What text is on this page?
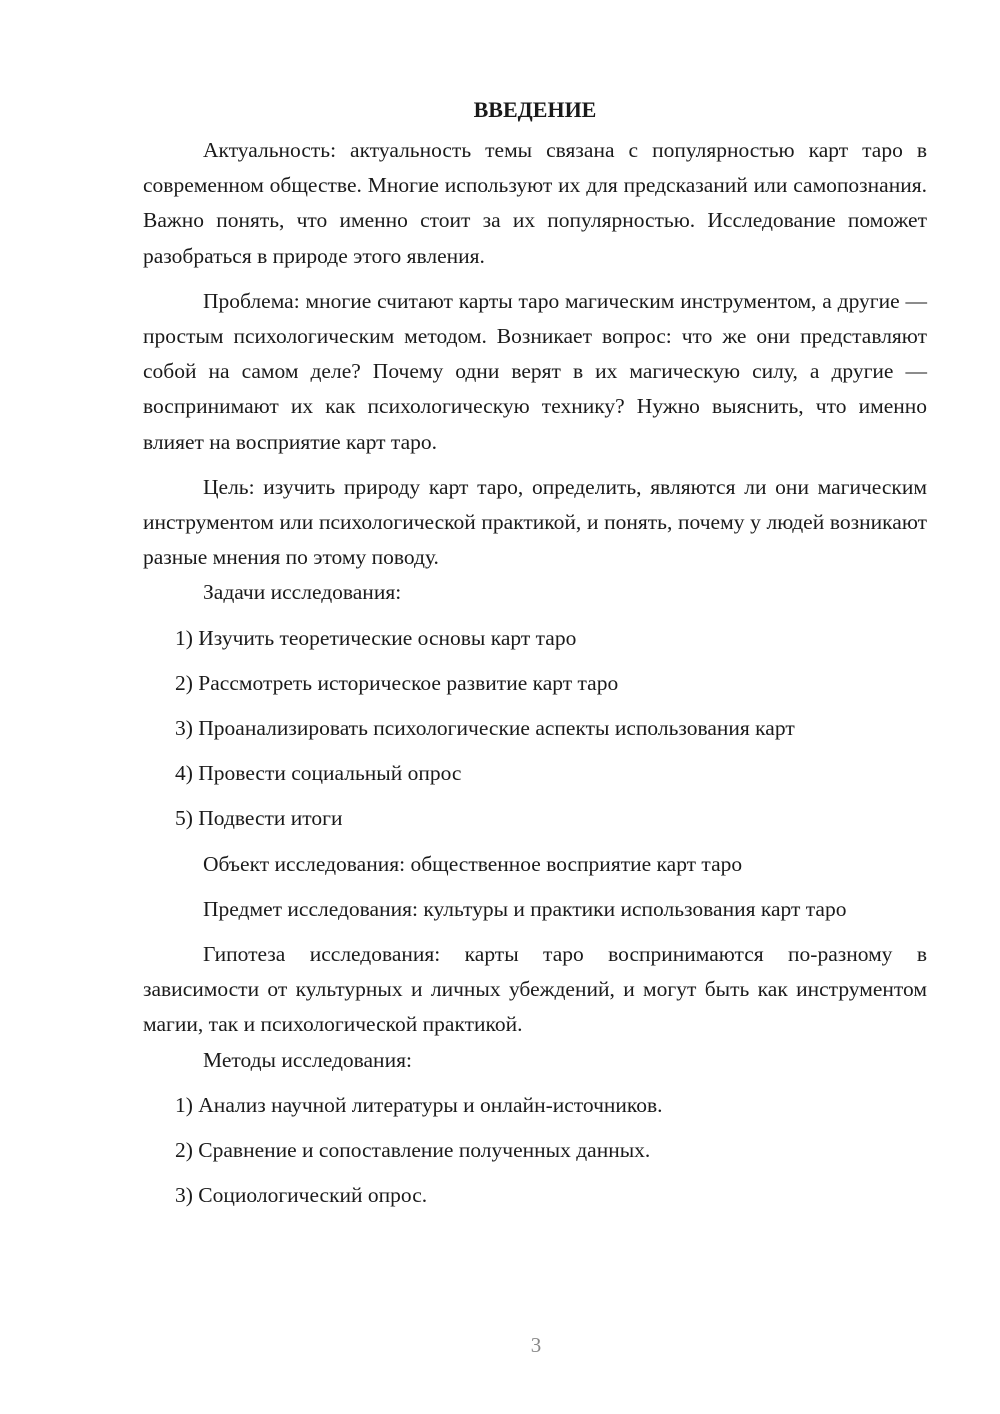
ВВЕДЕНИЕ

Актуальность: актуальность темы связана с популярностью карт таро в современном обществе. Многие используют их для предсказаний или самопознания. Важно понять, что именно стоит за их популярностью. Исследование поможет разобраться в природе этого явления.

Проблема: многие считают карты таро магическим инструментом, а другие — простым психологическим методом. Возникает вопрос: что же они представляют собой на самом деле? Почему одни верят в их магическую силу, а другие — воспринимают их как психологическую технику? Нужно выяснить, что именно влияет на восприятие карт таро.

Цель: изучить природу карт таро, определить, являются ли они магическим инструментом или психологической практикой, и понять, почему у людей возникают разные мнения по этому поводу.

Задачи исследования:

1) Изучить теоретические основы карт таро

2) Рассмотреть историческое развитие карт таро

3) Проанализировать психологические аспекты использования карт

4) Провести социальный опрос

5) Подвести итоги

Объект исследования: общественное восприятие карт таро

Предмет исследования: культуры и практики использования карт таро

Гипотеза исследования: карты таро воспринимаются по-разному в зависимости от культурных и личных убеждений, и могут быть как инструментом магии, так и психологической практикой.

Методы исследования:

1) Анализ научной литературы и онлайн-источников.

2) Сравнение и сопоставление полученных данных.

3) Социологический опрос.

3
